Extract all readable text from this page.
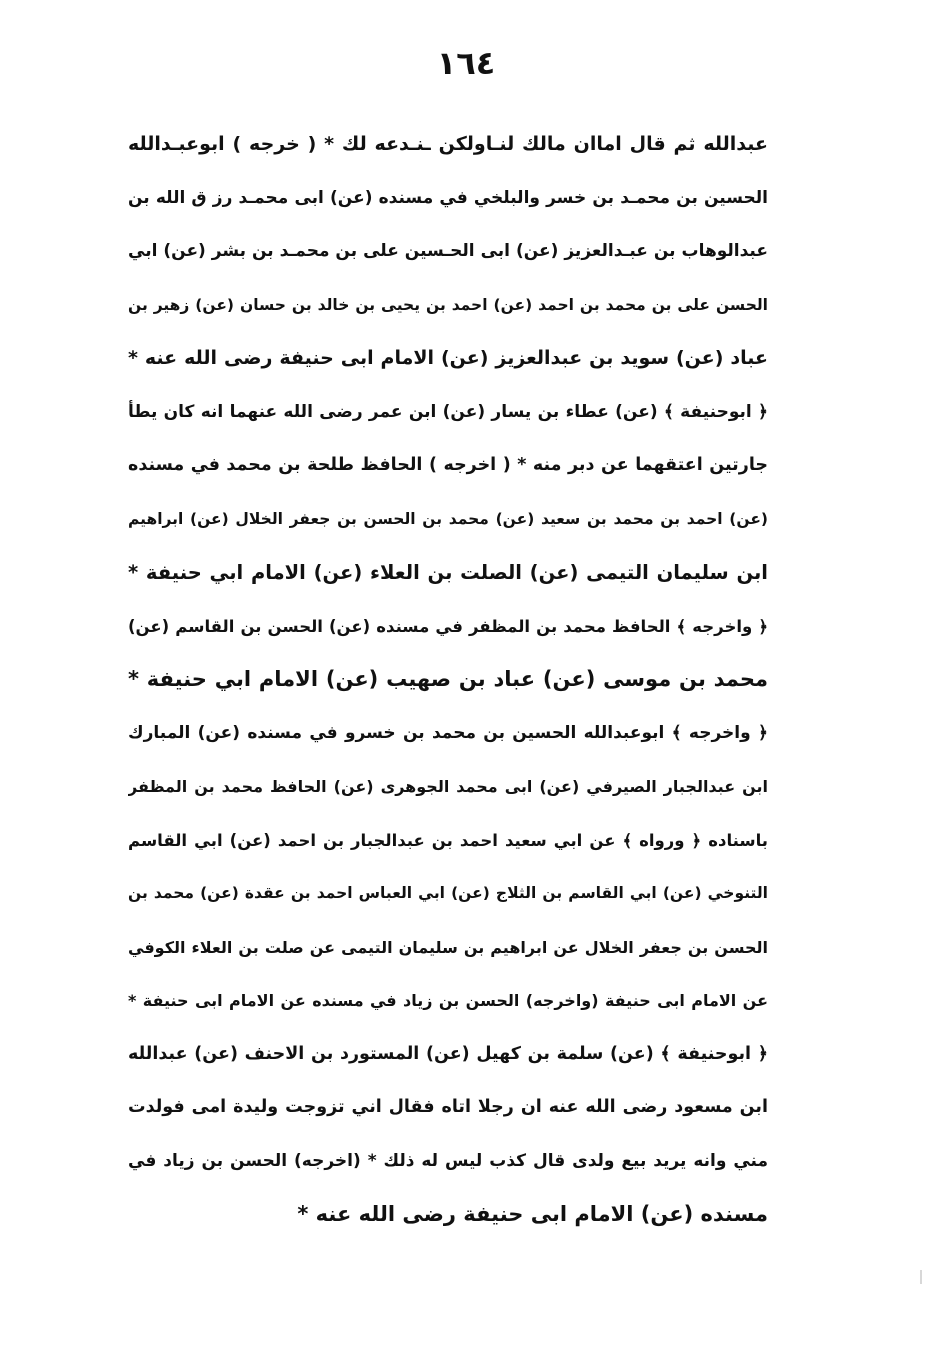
١٦٤
عبدالله ثم قال اماان مالك لنـاولكن ـنـدعه لك * ( خرجه ) ابوعبـدالله
الحسين بن محمـد بن خسر والبلخي في مسنده (عن) ابى محمـد رز ق الله بن
عبدالوهاب بن عبـدالعزيز (عن) ابى الحـسين على بن محمـد بن بشر (عن) ابي
الحسن على بن محمد بن احمد (عن) احمد بن يحيى بن خالد بن حسان (عن) زهير بن
عباد (عن) سويد بن عبدالعزيز (عن) الامام ابى حنيفة رضى الله عنه *
﴿ ابوحنيفة ﴾ (عن) عطاء بن يسار (عن) ابن عمر رضى الله عنهما انه كان يطأ
جارتين اعتقهما عن دبر منه * ( اخرجه ) الحافظ طلحة بن محمد في مسنده
(عن) احمد بن محمد بن سعيد (عن) محمد بن الحسن بن جعفر الخلال (عن) ابراهيم
ابن سليمان التيمى (عن) الصلت بن العلاء (عن) الامام ابي حنيفة *
﴿ واخرجه ﴾ الحافظ محمد بن المظفر في مسنده (عن) الحسن بن القاسم (عن)
محمد بن موسى (عن) عباد بن صهيب (عن) الامام ابي حنيفة *
﴿ واخرجه ﴾ ابوعبدالله الحسين بن محمد بن خسرو في مسنده (عن) المبارك
ابن عبدالجبار الصيرفي (عن) ابى محمد الجوهرى (عن) الحافظ محمد بن المظفر
باسناده ﴿ ورواه ﴾ عن ابي سعيد احمد بن عبدالجبار بن احمد (عن) ابي القاسم
التنوخي (عن) ابي القاسم بن الثلاج (عن) ابي العباس احمد بن عقدة (عن) محمد بن
الحسن بن جعفر الخلال عن ابراهيم بن سليمان التيمى عن صلت بن العلاء الكوفي
عن الامام ابى حنيفة (واخرجه) الحسن بن زياد في مسنده عن الامام ابى حنيفة *
﴿ ابوحنيفة ﴾ (عن) سلمة بن كهيل (عن) المستورد بن الاحنف (عن) عبدالله
ابن مسعود رضى الله عنه ان رجلا اتاه فقال اني تزوجت وليدة امى فولدت
مني وانه يريد بيع ولدى قال كذب ليس له ذلك * (اخرجه) الحسن بن زياد في
مسنده (عن) الامام ابى حنيفة رضى الله عنه *
